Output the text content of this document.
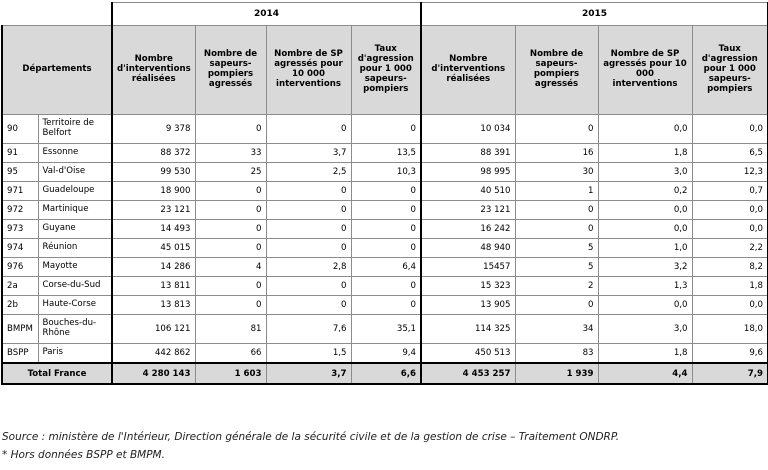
		2014				2015			
Départements		Nombre d'interventions réalisées	Nombre de sapeurs-pompiers agressés	Nombre de SP agressés pour 10 000 interventions	Taux d'agression pour 1 000 sapeurs-pompiers	Nombre d'interventions réalisées	Nombre de sapeurs-pompiers agressés	Nombre de SP agressés pour 10 000 interventions	Taux d'agression pour 1 000 sapeurs-pompiers
90	Territoire de Belfort	9 378	0	0	0	10 034	0	0,0	0,0
91	Essonne	88 372	33	3,7	13,5	88 391	16	1,8	6,5
95	Val-d'Oise	99 530	25	2,5	10,3	98 995	30	3,0	12,3
971	Guadeloupe	18 900	0	0	0	40 510	1	0,2	0,7
972	Martinique	23 121	0	0	0	23 121	0	0,0	0,0
973	Guyane	14 493	0	0	0	16 242	0	0,0	0,0
974	Réunion	45 015	0	0	0	48 940	5	1,0	2,2
976	Mayotte	14 286	4	2,8	6,4	15457	5	3,2	8,2
2a	Corse-du-Sud	13 811	0	0	0	15 323	2	1,3	1,8
2b	Haute-Corse	13 813	0	0	0	13 905	0	0,0	0,0
BMPM	Bouches-du-Rhône	106 121	81	7,6	35,1	114 325	34	3,0	18,0
BSPP	Paris	442 862	66	1,5	9,4	450 513	83	1,8	9,6
Total France		4 280 143	1 603	3,7	6,6	4 453 257	1 939	4,4	7,9
Source : ministère de l'Intérieur, Direction générale de la sécurité civile et de la gestion de crise – Traitement ONDRP.
* Hors données BSPP et BMPM.
